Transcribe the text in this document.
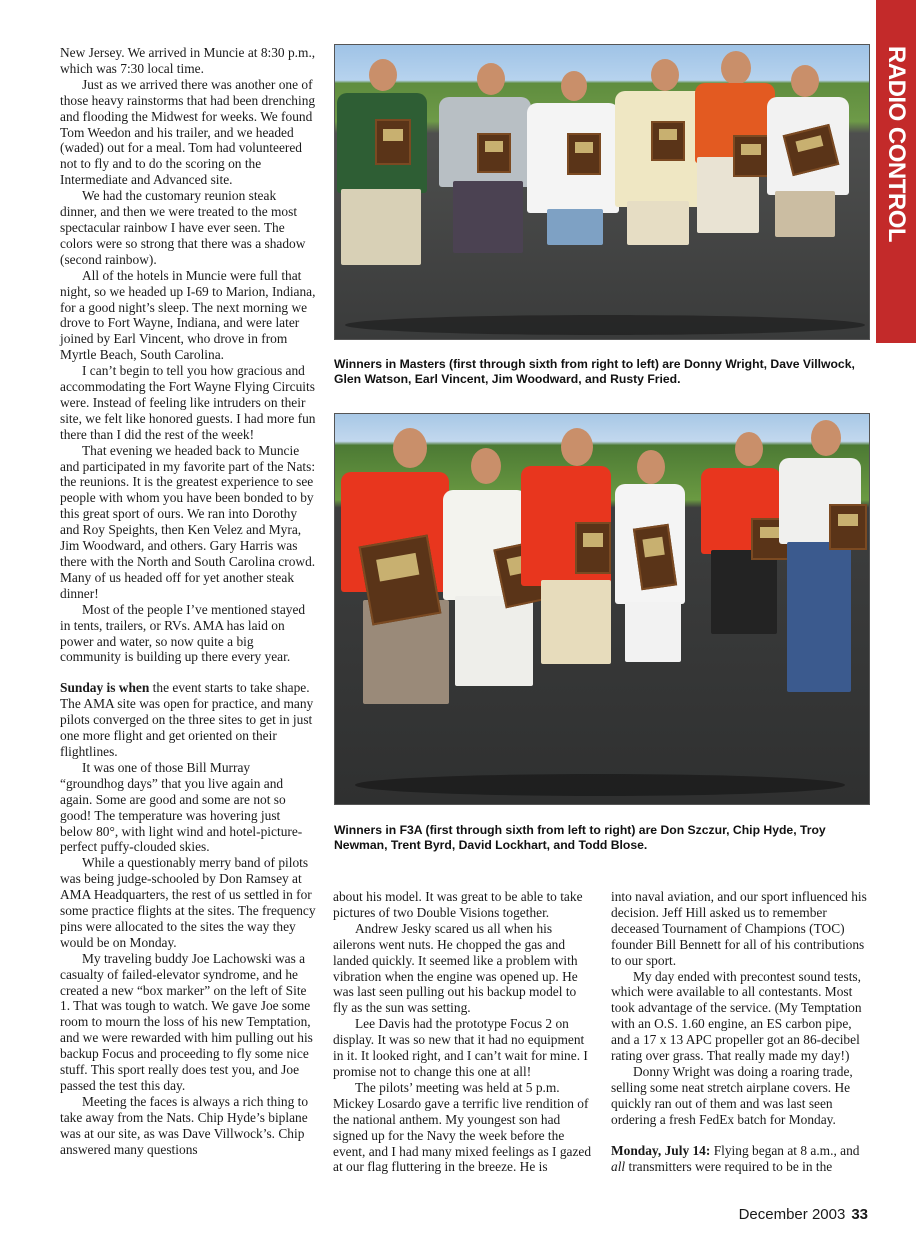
RADIO CONTROL

New Jersey. We arrived in Muncie at 8:30 p.m., which was 7:30 local time.

Just as we arrived there was another one of those heavy rainstorms that had been drenching and flooding the Midwest for weeks. We found Tom Weedon and his trailer, and we headed (waded) out for a meal. Tom had volunteered not to fly and to do the scoring on the Intermediate and Advanced site.

We had the customary reunion steak dinner, and then we were treated to the most spectacular rainbow I have ever seen. The colors were so strong that there was a shadow (second rainbow).

All of the hotels in Muncie were full that night, so we headed up I-69 to Marion, Indiana, for a good night’s sleep. The next morning we drove to Fort Wayne, Indiana, and were later joined by Earl Vincent, who drove in from Myrtle Beach, South Carolina.

I can’t begin to tell you how gracious and accommodating the Fort Wayne Flying Circuits were. Instead of feeling like intruders on their site, we felt like honored guests. I had more fun there than I did the rest of the week!

That evening we headed back to Muncie and participated in my favorite part of the Nats: the reunions. It is the greatest experience to see people with whom you have been bonded to by this great sport of ours. We ran into Dorothy and Roy Speights, then Ken Velez and Myra, Jim Woodward, and others. Gary Harris was there with the North and South Carolina crowd. Many of us headed off for yet another steak dinner!

Most of the people I’ve mentioned stayed in tents, trailers, or RVs. AMA has laid on power and water, so now quite a big community is building up there every year.

Sunday is when the event starts to take shape. The AMA site was open for practice, and many pilots converged on the three sites to get in just one more flight and get oriented on their flightlines.

It was one of those Bill Murray “groundhog days” that you live again and again. Some are good and some are not so good! The temperature was hovering just below 80°, with light wind and hotel-picture-perfect puffy-clouded skies.

While a questionably merry band of pilots was being judge-schooled by Don Ramsey at AMA Headquarters, the rest of us settled in for some practice flights at the sites. The frequency pins were allocated to the sites the way they would be on Monday.

My traveling buddy Joe Lachowski was a casualty of failed-elevator syndrome, and he created a new “box marker” on the left of Site 1. That was tough to watch. We gave Joe some room to mourn the loss of his new Temptation, and we were rewarded with him pulling out his backup Focus and proceeding to fly some nice stuff. This sport really does test you, and Joe passed the test this day.

Meeting the faces is always a rich thing to take away from the Nats. Chip Hyde’s biplane was at our site, as was Dave Villwock’s. Chip answered many questions

Winners in Masters (first through sixth from right to left) are Donny Wright, Dave Villwock, Glen Watson, Earl Vincent, Jim Woodward, and Rusty Fried.
Winners in F3A (first through sixth from left to right) are Don Szczur, Chip Hyde, Troy Newman, Trent Byrd, David Lockhart, and Todd Blose.

about his model. It was great to be able to take pictures of two Double Visions together.

Andrew Jesky scared us all when his ailerons went nuts. He chopped the gas and landed quickly. It seemed like a problem with vibration when the engine was opened up. He was last seen pulling out his backup model to fly as the sun was setting.

Lee Davis had the prototype Focus 2 on display. It was so new that it had no equipment in it. It looked right, and I can’t wait for mine. I promise not to change this one at all!

The pilots’ meeting was held at 5 p.m. Mickey Losardo gave a terrific live rendition of the national anthem. My youngest son had signed up for the Navy the week before the event, and I had many mixed feelings as I gazed at our flag fluttering in the breeze. He is

into naval aviation, and our sport influenced his decision. Jeff Hill asked us to remember deceased Tournament of Champions (TOC) founder Bill Bennett for all of his contributions to our sport.

My day ended with precontest sound tests, which were available to all contestants. Most took advantage of the service. (My Temptation with an O.S. 1.60 engine, an ES carbon pipe, and a 17 x 13 APC propeller got an 86-decibel rating over grass. That really made my day!)

Donny Wright was doing a roaring trade, selling some neat stretch airplane covers. He quickly ran out of them and was last seen ordering a fresh FedEx batch for Monday.

Monday, July 14: Flying began at 8 a.m., and all transmitters were required to be in the

December 2003 33
